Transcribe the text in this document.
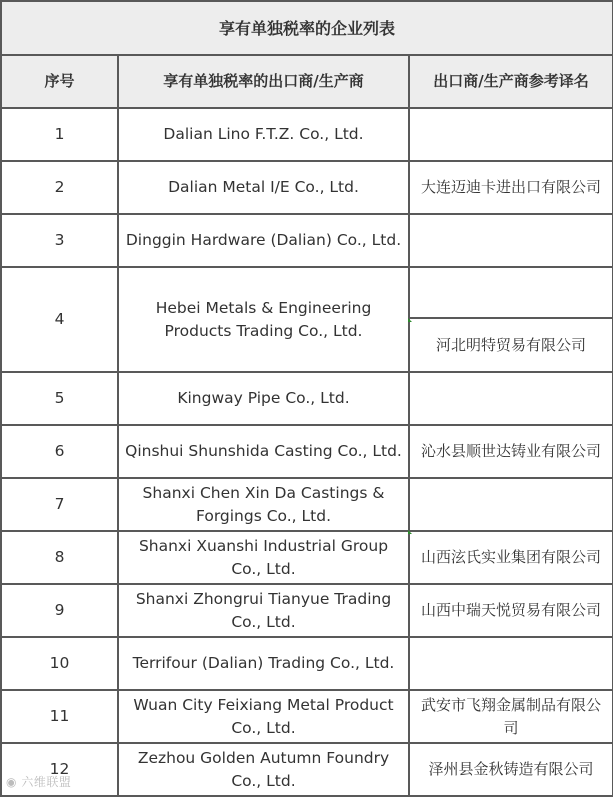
享有单独税率的企业列表		
序号	享有单独税率的出口商/生产商	出口商/生产商参考译名
1	Dalian Lino F.T.Z. Co., Ltd.	
2	Dalian Metal I/E Co., Ltd.	大连迈迪卡进出口有限公司
3	Dinggin Hardware (Dalian) Co., Ltd.	
4	Hebei Metals & Engineering Products Trading Co., Ltd.	河北明特贸易有限公司

5	Kingway Pipe Co., Ltd.	
6	Qinshui Shunshida Casting Co., Ltd.	沁水县顺世达铸业有限公司
7	Shanxi Chen Xin Da Castings & Forgings Co., Ltd.	
8	Shanxi Xuanshi Industrial Group Co., Ltd.	山西泫氏实业集团有限公司
9	Shanxi Zhongrui Tianyue Trading Co., Ltd.	山西中瑞天悦贸易有限公司
10	Terrifour (Dalian) Trading Co., Ltd.	
11	Wuan City Feixiang Metal Product Co., Ltd.	武安市飞翔金属制品有限公司
12	Zezhou Golden Autumn Foundry Co., Ltd.	泽州县金秋铸造有限公司
◉ 六维联盟
